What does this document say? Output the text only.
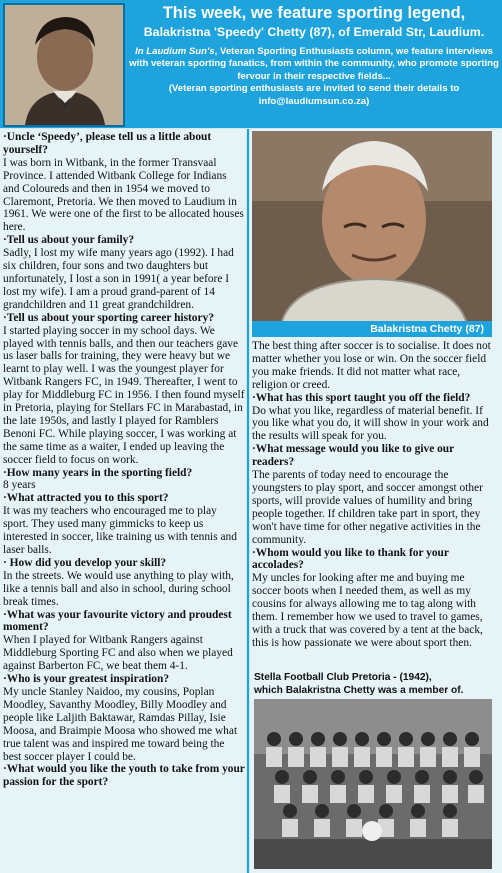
This week, we feature sporting legend,
Balakristna 'Speedy' Chetty (87), of Emerald Str, Laudium.
In Laudium Sun's, Veteran Sporting Enthusiasts column, we feature interviews with veteran sporting fanatics, from within the community, who promote sporting fervour in their respective fields...
(Veteran sporting enthusiasts are invited to send their details to info@laudiumsun.co.za)

·Uncle ‘Speedy’, please tell us a little about yourself?

I was born in Witbank, in the former Transvaal Province. I attended Witbank College for Indians and Coloureds and then in 1954 we moved to Claremont, Pretoria. We then moved to Laudium in 1961. We were one of the first to be allocated houses here.

·Tell us about your family?

Sadly, I lost my wife many years ago (1992). I had six children, four sons and two daughters but unfortunately, I lost a son in 1991( a year before I lost my wife). I am a proud grand-parent of 14 grandchildren and 11 great grandchildren.

·Tell us about your sporting career history?

I started playing soccer in my school days. We played with tennis balls, and then our teachers gave us laser balls for training, they were heavy but we learnt to play well. I was the youngest player for Witbank Rangers FC, in 1949. Thereafter, I went to play for Middleburg FC in 1956. I then found myself in Pretoria, playing for Stellars FC in Marabastad, in the late 1950s, and lastly I played for Ramblers Benoni FC. While playing soccer, I was working at the same time as a waiter, I ended up leaving the soccer field to focus on work.

·How many years in the sporting field?

8 years

·What attracted you to this sport?

It was my teachers who encouraged me to play sport. They used many gimmicks to keep us interested in soccer, like training us with tennis and laser balls.

· How did you develop your skill?

In the streets. We would use anything to play with, like a tennis ball and also in school, during school break times.

·What was your favourite victory and proudest moment?

When I played for Witbank Rangers against Middleburg Sporting FC and also when we played against Barberton FC, we beat them 4-1.

·Who is your greatest inspiration?

My uncle Stanley Naidoo, my cousins, Poplan Moodley, Savanthy Moodley, Billy Moodley and people like Laljith Baktawar, Ramdas Pillay, Isie Moosa, and Braimpie Moosa who showed me what true talent was and inspired me toward being the best soccer player I could be.

·What would you like the youth to take from your passion for the sport?

Balakristna Chetty (87)

The best thing after soccer is to socialise. It does not matter whether you lose or win. On the soccer field you make friends. It did not matter what race, religion or creed.

·What has this sport taught you off the field?

Do what you like, regardless of material benefit. If you like what you do, it will show in your work and the results will speak for you.

·What message would you like to give our readers?

The parents of today need to encourage the youngsters to play sport, and soccer amongst other sports, will provide values of humility and bring people together. If children take part in sport, they won't have time for other negative activities in the community.

·Whom would you like to thank for your accolades?

My uncles for looking after me and buying me soccer boots when I needed them, as well as my cousins for always allowing me to tag along with them. I remember how we used to travel to games, with a truck that was covered by a tent at the back, this is how passionate we were about sport then.

Stella Football Club Pretoria - (1942),
which Balakristna Chetty was a member of.
